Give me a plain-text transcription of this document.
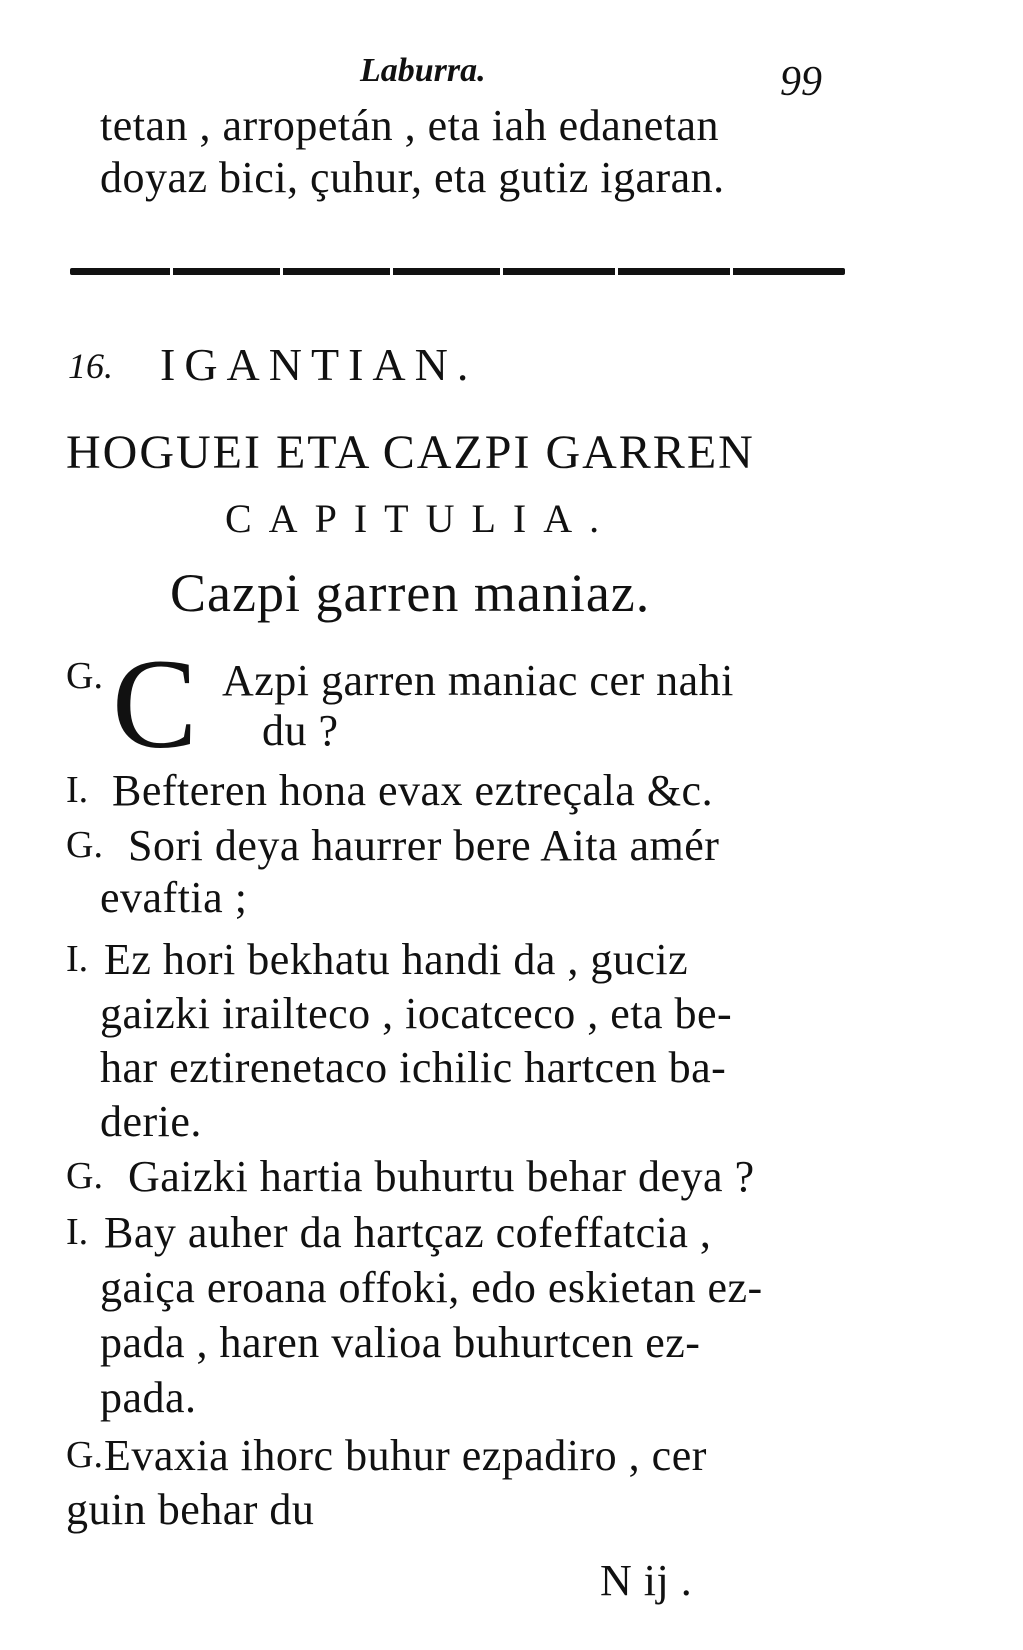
Laburra.	99
tetan , arropetán , eta iah edanetan
doyaz bici, çuhur, eta gutiz igaran.
16. IGANTIAN.
HOGUEI ETA CAZPI GARREN
CAPITULIA.
Cazpi garren maniaz.
G. C Azpi garren maniac cer nahi
du ?
I. Befteren hona evax eztreçala &c.
G. Sori deya haurrer bere Aita amér
evaftia ;
I. Ez hori bekhatu handi da , guciz
gaizki irailteco , iocatceco , eta be-
har eztirenetaco ichilic hartcen ba-
derie.
G. Gaizki hartia buhurtu behar deya ?
I. Bay auher da hartçaz cofeffatcia ,
gaiça eroana offoki, edo eskietan ez-
pada , haren valioa buhurtcen ez-
pada.
G. Evaxia ihorc buhur ezpadiro , cer
guin behar du
N ij .
